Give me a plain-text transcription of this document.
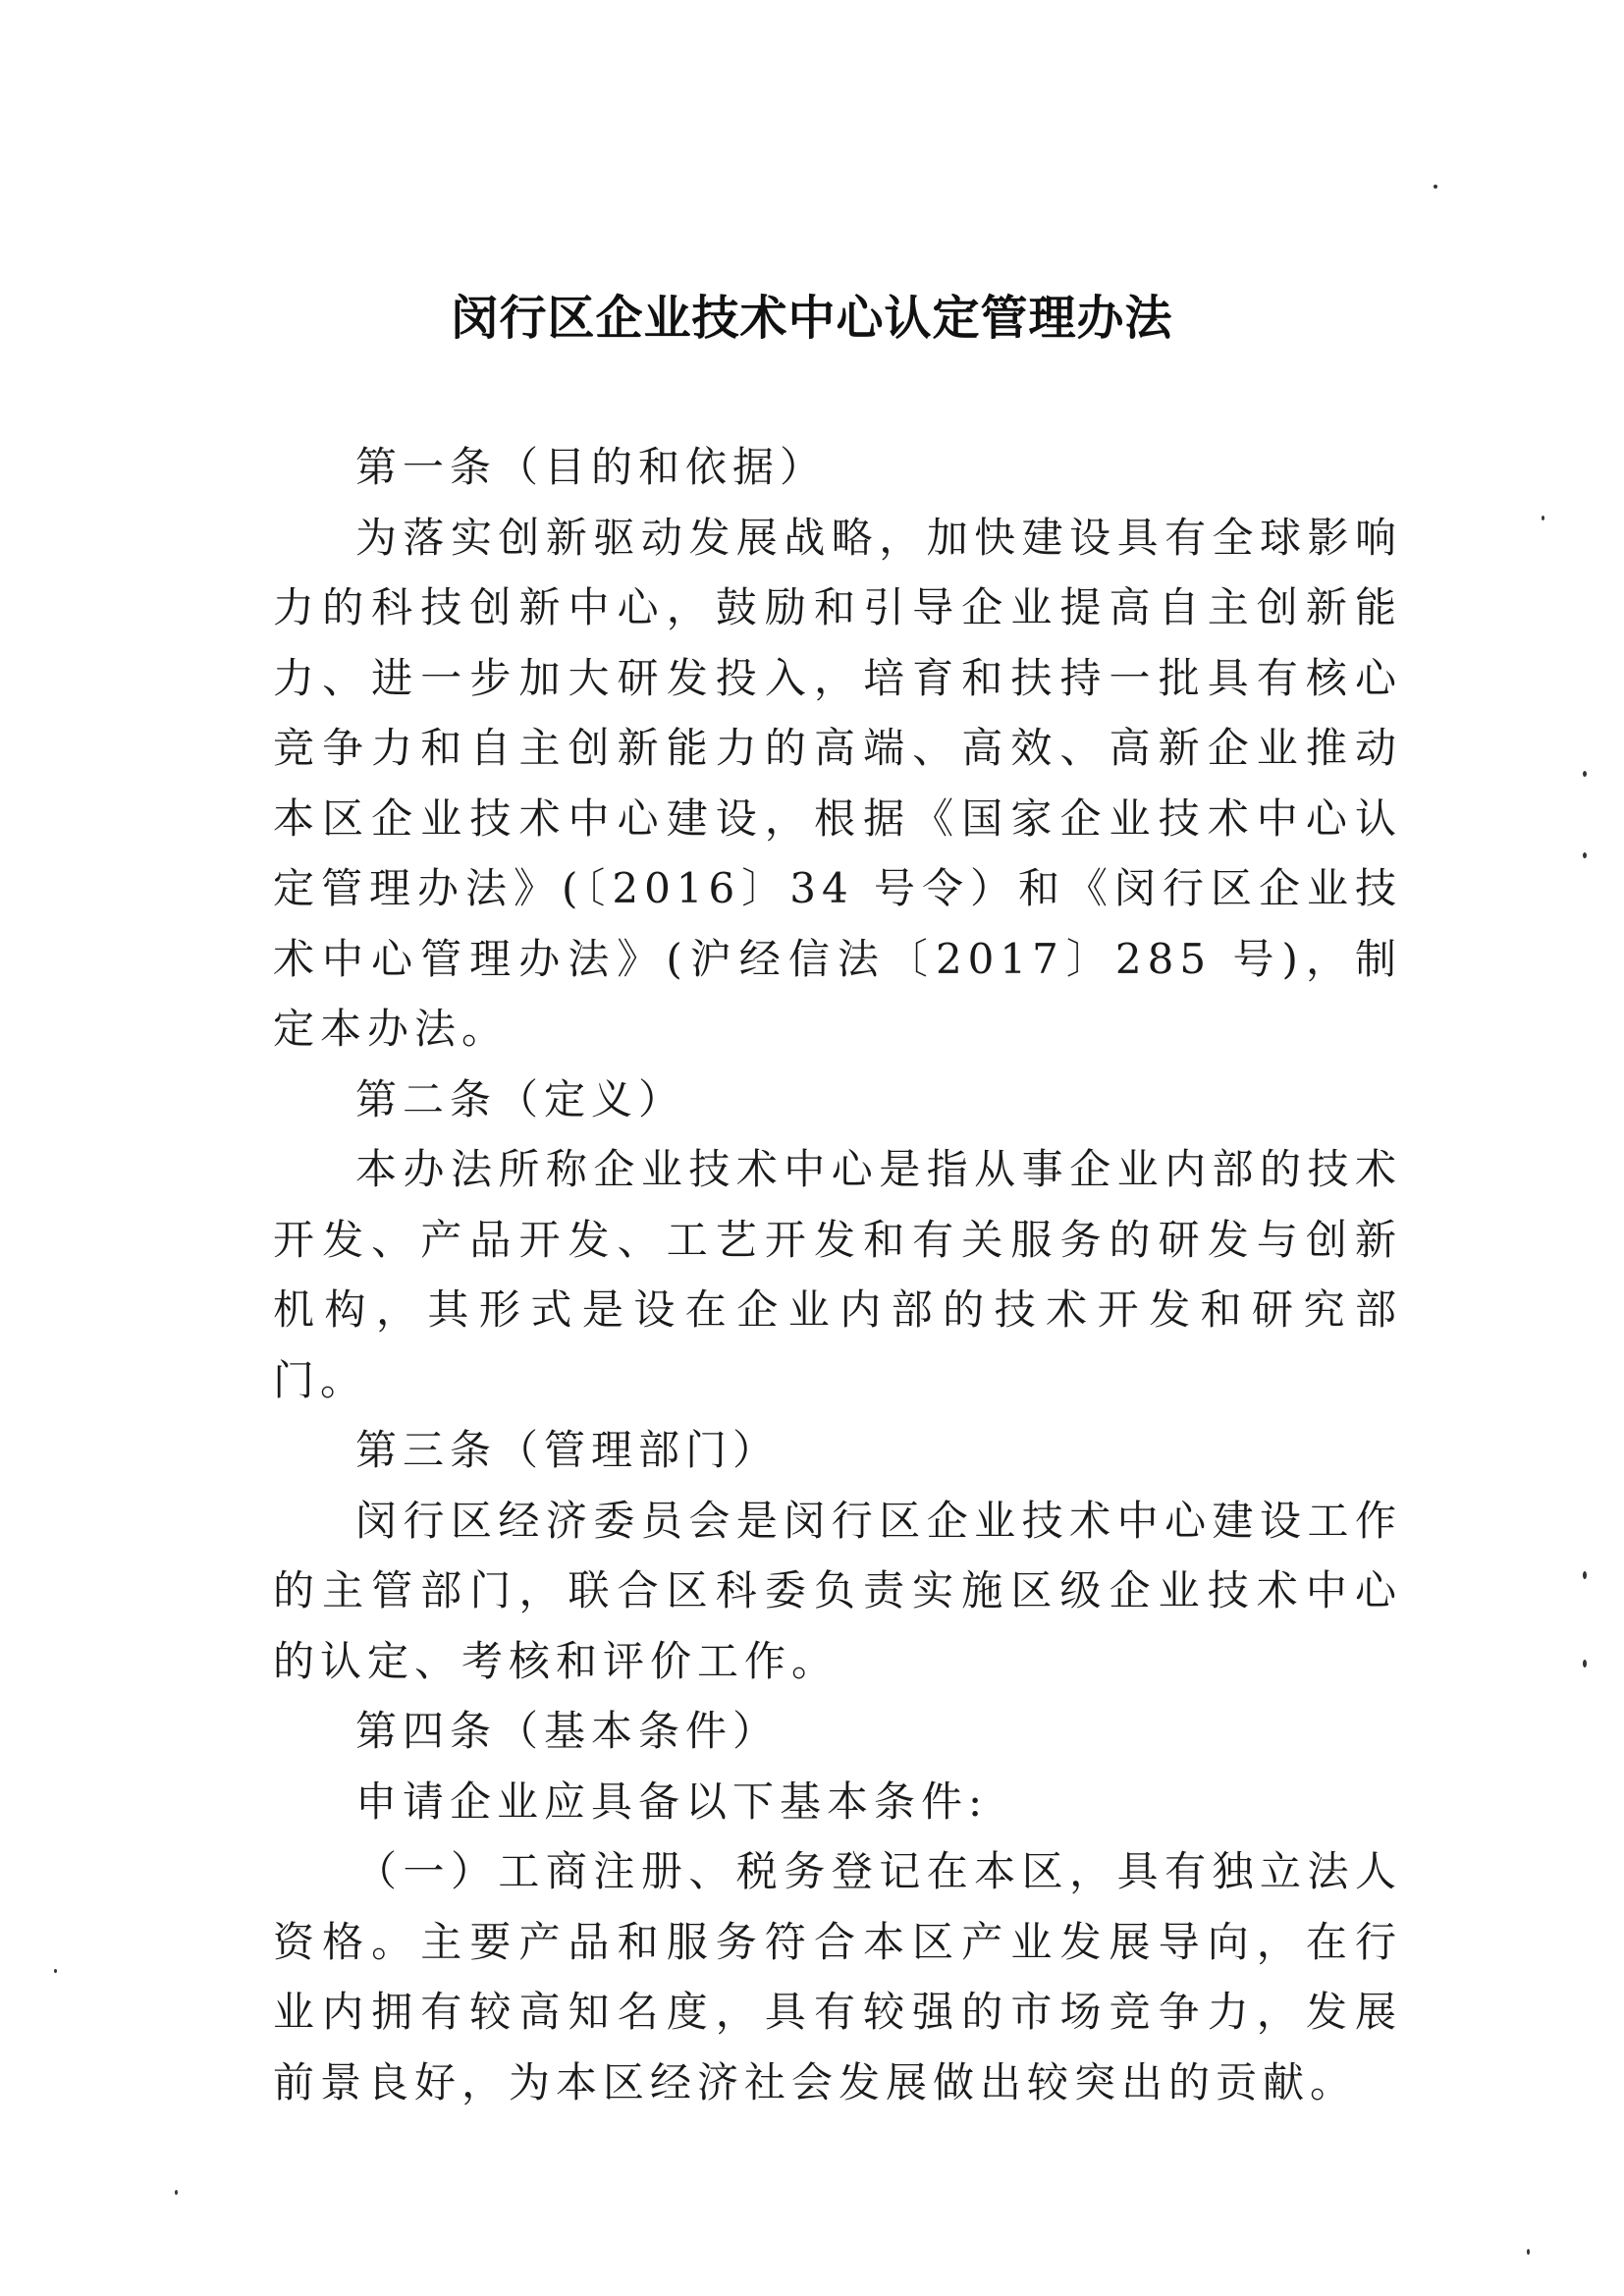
闵行区企业技术中心认定管理办法

第一条（目的和依据）

为落实创新驱动发展战略，加快建设具有全球影响力的科技创新中心，鼓励和引导企业提高自主创新能力、进一步加大研发投入，培育和扶持一批具有核心竞争力和自主创新能力的高端、高效、高新企业推动本区企业技术中心建设，根据《国家企业技术中心认定管理办法》(〔2016〕34 号令）和《闵行区企业技术中心管理办法》(沪经信法〔2017〕285 号)，制定本办法。

第二条（定义）

本办法所称企业技术中心是指从事企业内部的技术开发、产品开发、工艺开发和有关服务的研发与创新机构，其形式是设在企业内部的技术开发和研究部门。

第三条（管理部门）

闵行区经济委员会是闵行区企业技术中心建设工作的主管部门，联合区科委负责实施区级企业技术中心的认定、考核和评价工作。

第四条（基本条件）

申请企业应具备以下基本条件:

（一）工商注册、税务登记在本区，具有独立法人资格。主要产品和服务符合本区产业发展导向，在行业内拥有较高知名度，具有较强的市场竞争力，发展前景良好，为本区经济社会发展做出较突出的贡献。
